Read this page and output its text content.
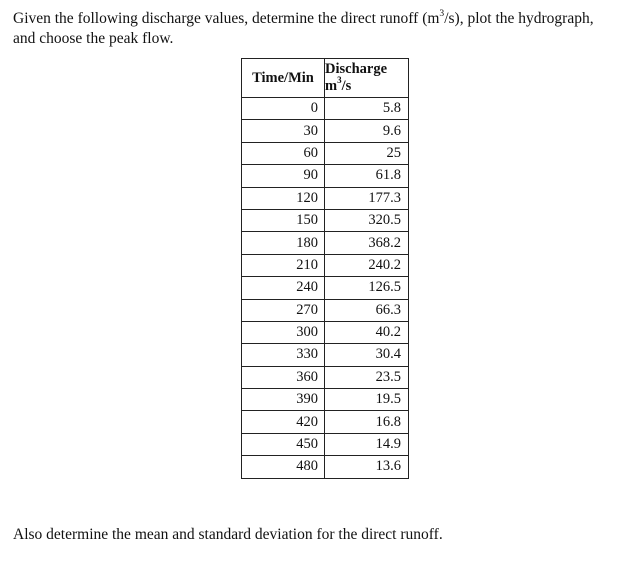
Given the following discharge values, determine the direct runoff $(m^3/s)$, plot the hydrograph,
and choose the peak flow.
Time/Min	Discharge
$m^3/s$

0	5.8
30	9.6
60	25
90	61.8
120	177.3
150	320.5
180	368.2
210	240.2
240	126.5
270	66.3
300	40.2
330	30.4
360	23.5
390	19.5
420	16.8
450	14.9
480	13.6
Also determine the mean and standard deviation for the direct runoff.
